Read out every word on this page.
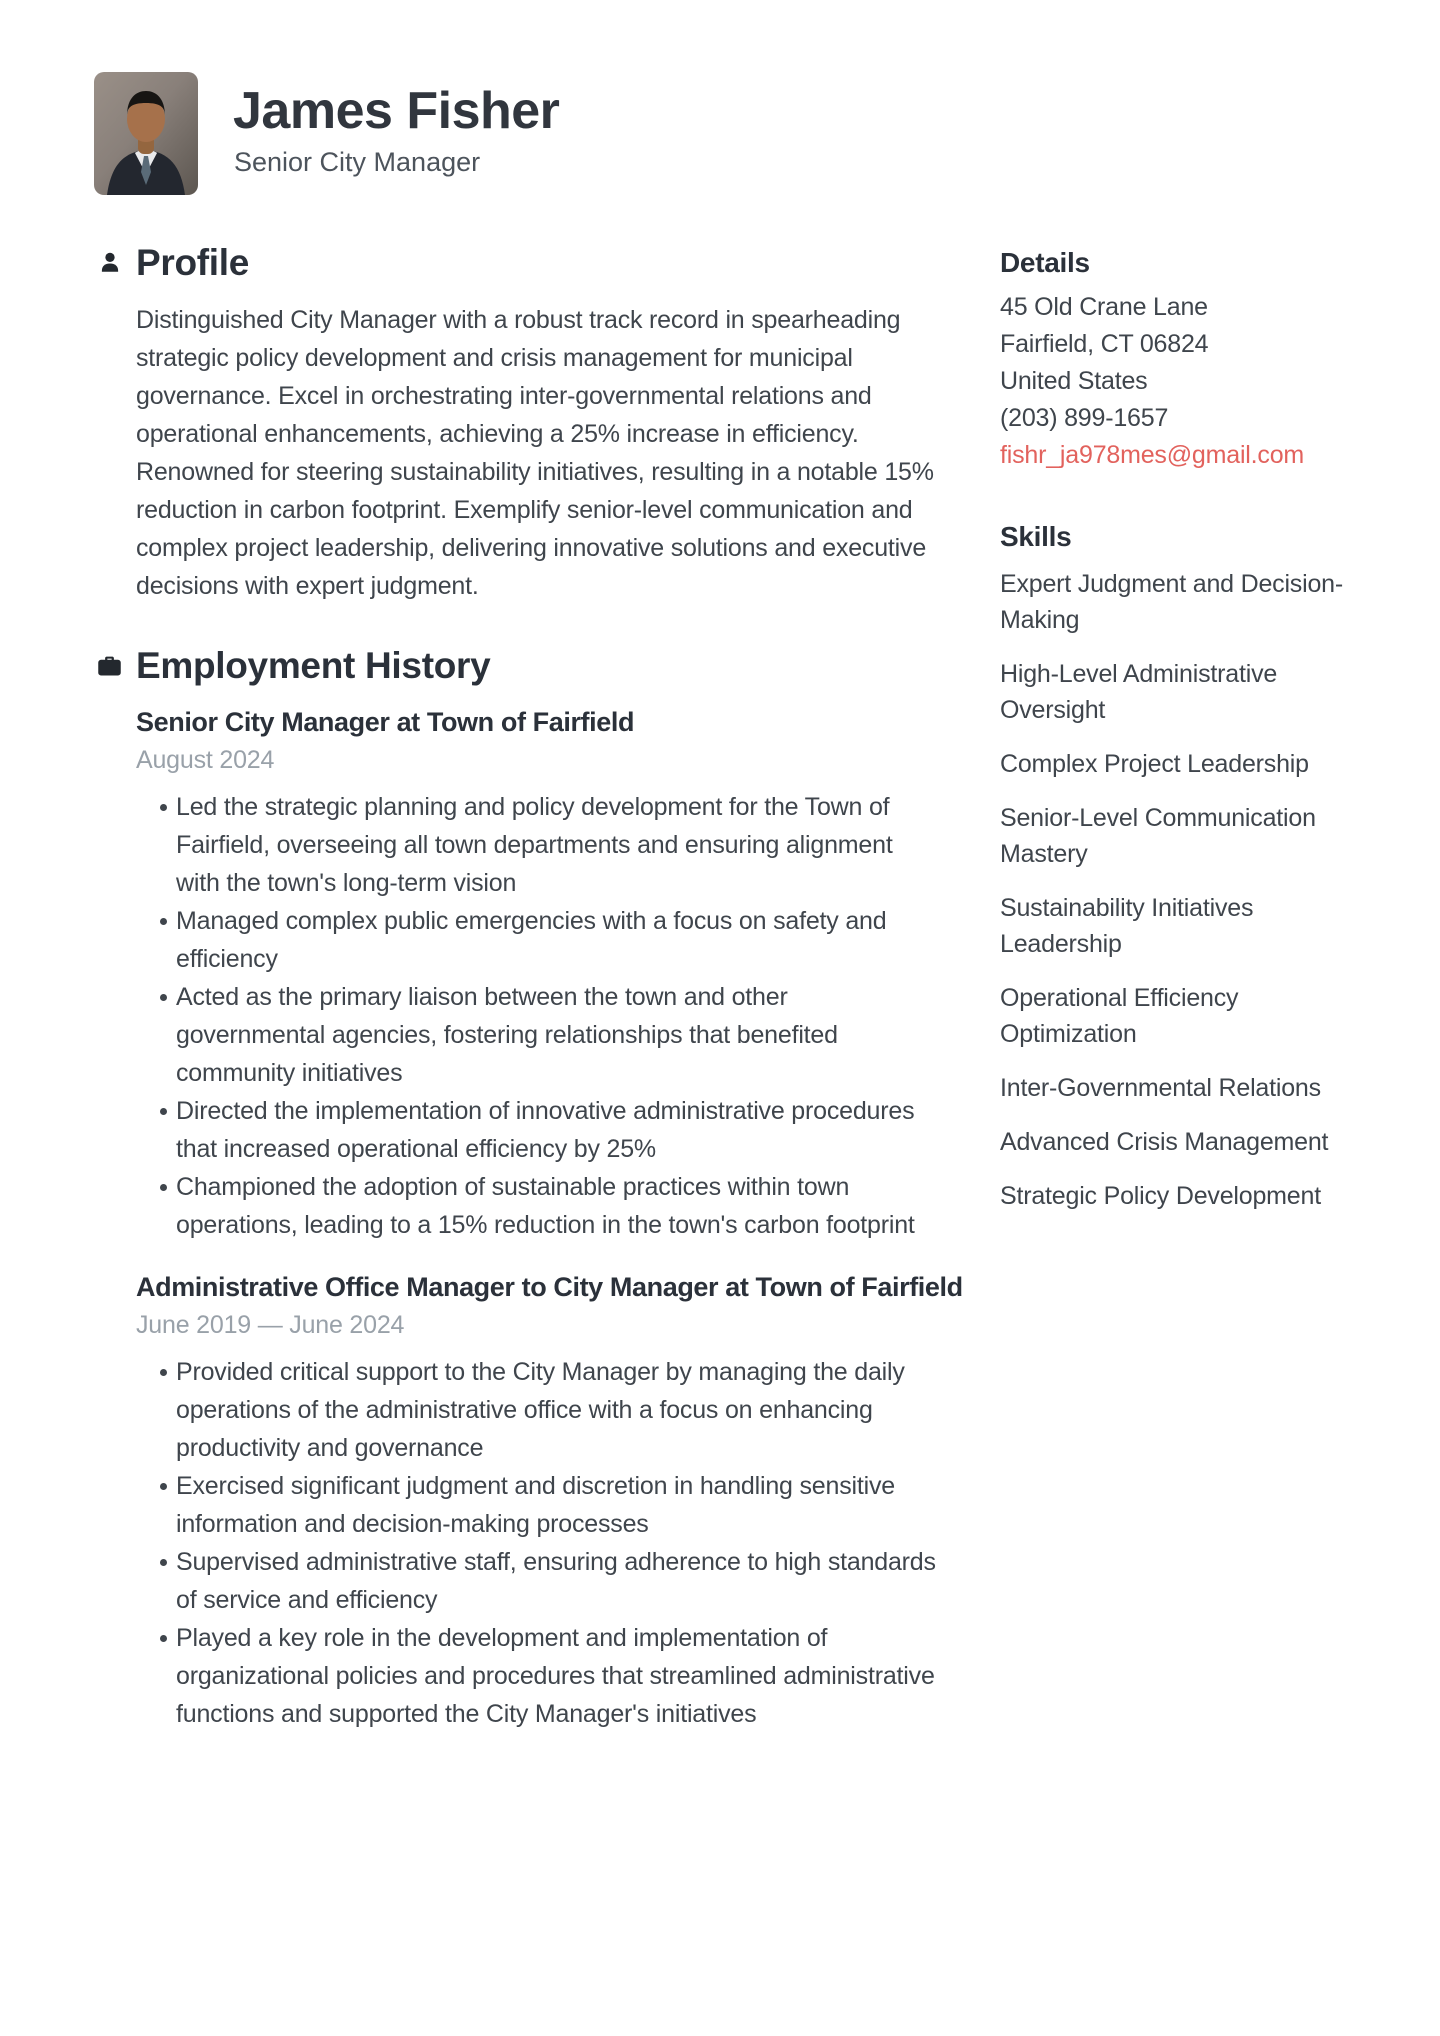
James Fisher
Senior City Manager
Profile

Distinguished City Manager with a robust track record in spearheading strategic policy development and crisis management for municipal governance. Excel in orchestrating inter-governmental relations and operational enhancements, achieving a 25% increase in efficiency. Renowned for steering sustainability initiatives, resulting in a notable 15% reduction in carbon footprint. Exemplify senior-level communication and complex project leadership, delivering innovative solutions and executive decisions with expert judgment.

Employment History
Senior City Manager at Town of Fairfield
August 2024
Led the strategic planning and policy development for the Town of Fairfield, overseeing all town departments and ensuring alignment with the town's long-term vision
Managed complex public emergencies with a focus on safety and efficiency
Acted as the primary liaison between the town and other governmental agencies, fostering relationships that benefited community initiatives
Directed the implementation of innovative administrative procedures that increased operational efficiency by 25%
Championed the adoption of sustainable practices within town operations, leading to a 15% reduction in the town's carbon footprint
Administrative Office Manager to City Manager at Town of Fairfield
June 2019 — June 2024
Provided critical support to the City Manager by managing the daily operations of the administrative office with a focus on enhancing productivity and governance
Exercised significant judgment and discretion in handling sensitive information and decision-making processes
Supervised administrative staff, ensuring adherence to high standards of service and efficiency
Played a key role in the development and implementation of organizational policies and procedures that streamlined administrative functions and supported the City Manager's initiatives
Details
45 Old Crane Lane
Fairfield, CT 06824
United States
(203) 899-1657
fishr_ja978mes@gmail.com
Skills
Expert Judgment and Decision-Making
High-Level Administrative Oversight
Complex Project Leadership
Senior-Level Communication Mastery
Sustainability Initiatives Leadership
Operational Efficiency Optimization
Inter-Governmental Relations
Advanced Crisis Management
Strategic Policy Development
